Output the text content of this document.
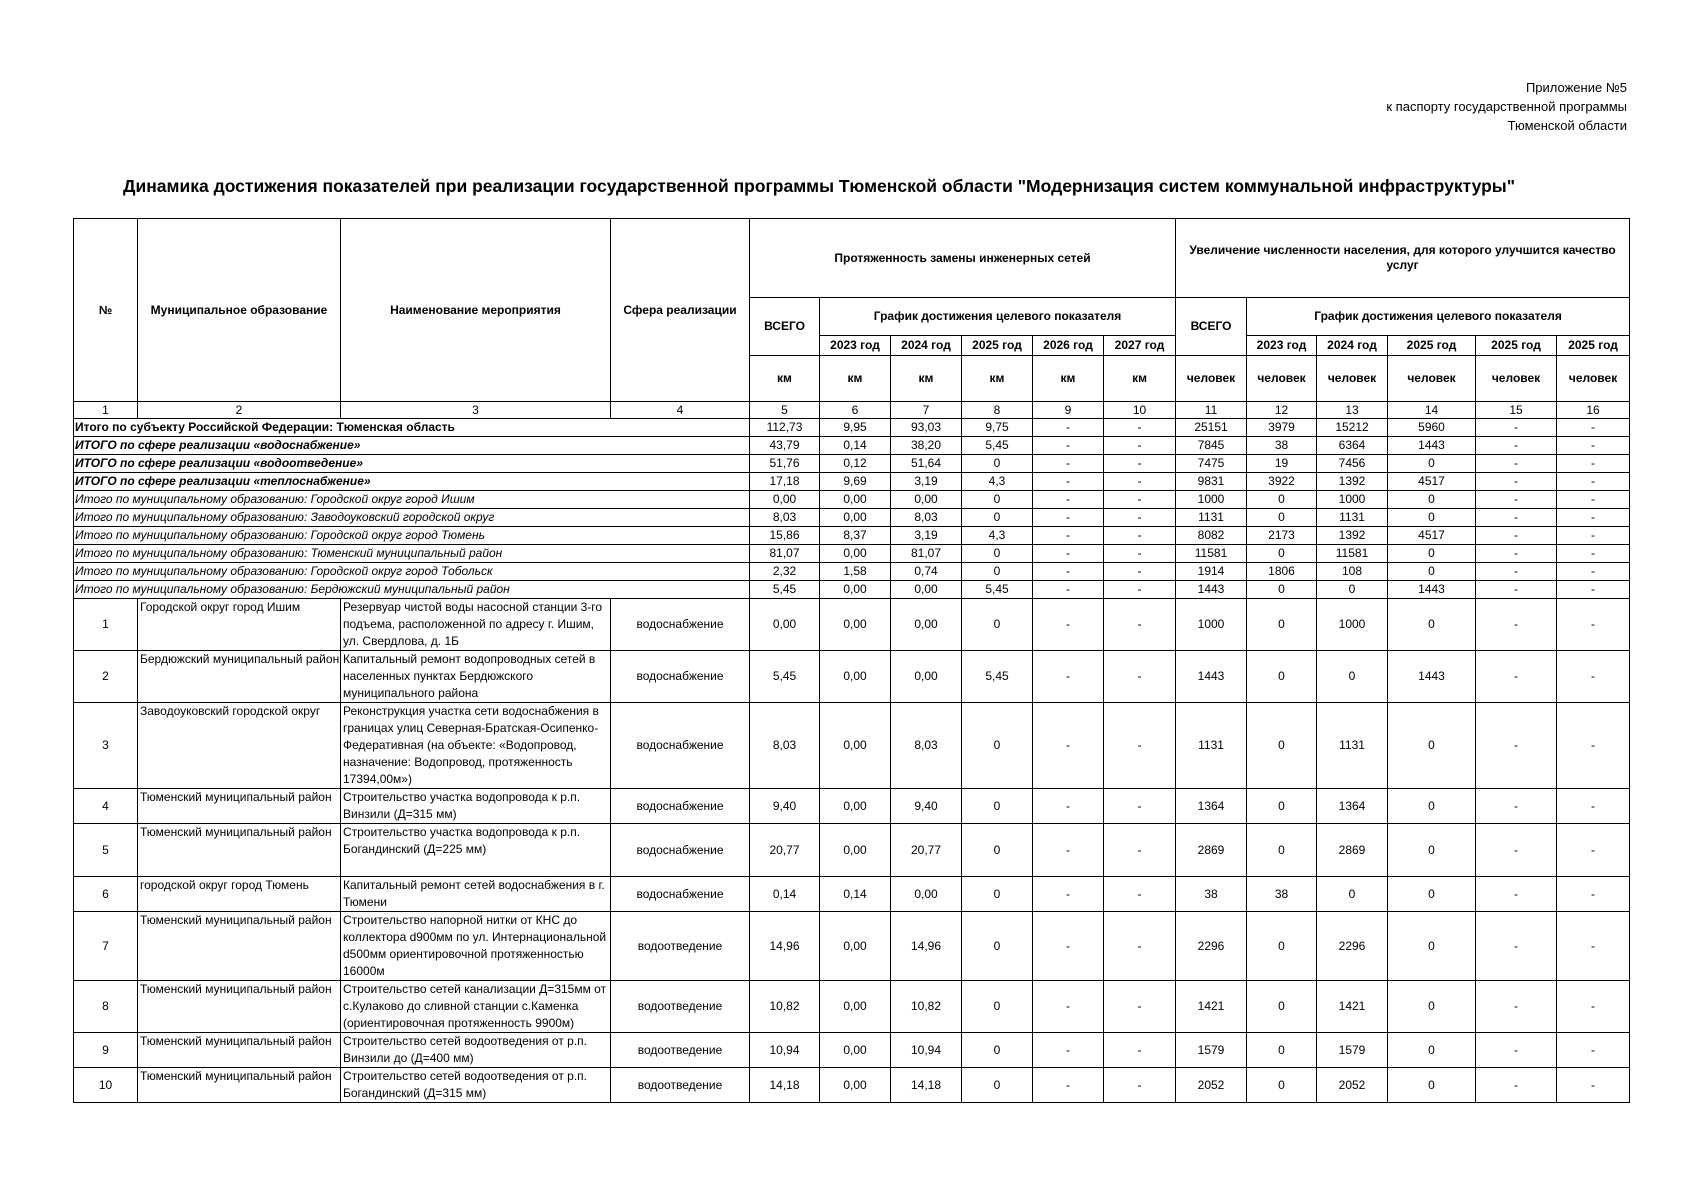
Приложение №5
к паспорту государственной программы
Тюменской области
Динамика достижения показателей при реализации государственной программы Тюменской области "Модернизация систем коммунальной инфраструктуры"
№	Муниципальное образование	Наименование мероприятия	Сфера реализации	Протяженность замены инженерных сетей						Увеличение численности населения, для которого улучшится качество услуг					
				ВСЕГО	График достижения целевого показателя					ВСЕГО	График достижения целевого показателя				
					2023 год	2024 год	2025 год	2026 год	2027 год		2023 год	2024 год	2025 год	2025 год	2025 год
				км	км	км	км	км	км	человек	человек	человек	человек	человек	человек
1	2	3	4	5	6	7	8	9	10	11	12	13	14	15	16
Итого по субъекту Российской Федерации: Тюменская область				112,73	9,95	93,03	9,75	-	-	25151	3979	15212	5960	-	-
ИТОГО по сфере реализации «водоснабжение»				43,79	0,14	38,20	5,45	-	-	7845	38	6364	1443	-	-
ИТОГО по сфере реализации «водоотведение»				51,76	0,12	51,64	0	-	-	7475	19	7456	0	-	-
ИТОГО по сфере реализации «теплоснабжение»				17,18	9,69	3,19	4,3	-	-	9831	3922	1392	4517	-	-
Итого по муниципальному образованию: Городской округ город Ишим				0,00	0,00	0,00	0	-	-	1000	0	1000	0	-	-
Итого по муниципальному образованию: Заводоуковский городской округ				8,03	0,00	8,03	0	-	-	1131	0	1131	0	-	-
Итого по муниципальному образованию: Городской округ город Тюмень				15,86	8,37	3,19	4,3	-	-	8082	2173	1392	4517	-	-
Итого по муниципальному образованию: Тюменский муниципальный район				81,07	0,00	81,07	0	-	-	11581	0	11581	0	-	-
Итого по муниципальному образованию: Городской округ город Тобольск				2,32	1,58	0,74	0	-	-	1914	1806	108	0	-	-
Итого по муниципальному образованию: Бердюжский муниципальный район				5,45	0,00	0,00	5,45	-	-	1443	0	0	1443	-	-
1	Городской округ город Ишим	Резервуар чистой воды насосной станции 3-го подъема, расположенной по адресу г. Ишим, ул. Свердлова, д. 1Б	водоснабжение	0,00	0,00	0,00	0	-	-	1000	0	1000	0	-	-
2	Бердюжский муниципальный район	Капитальный ремонт водопроводных сетей в населенных пунктах Бердюжского муниципального района	водоснабжение	5,45	0,00	0,00	5,45	-	-	1443	0	0	1443	-	-
3	Заводоуковский городской округ	Реконструкция участка сети водоснабжения в границах улиц Северная-Братская-Осипенко-Федеративная (на объекте: «Водопровод, назначение: Водопровод, протяженность 17394,00м»)	водоснабжение	8,03	0,00	8,03	0	-	-	1131	0	1131	0	-	-
4	Тюменский муниципальный район	Строительство участка водопровода к р.п. Винзили (Д=315 мм)	водоснабжение	9,40	0,00	9,40	0	-	-	1364	0	1364	0	-	-
5	Тюменский муниципальный район	Строительство участка водопровода к р.п. Богандинский (Д=225 мм)	водоснабжение	20,77	0,00	20,77	0	-	-	2869	0	2869	0	-	-
6	городской округ город Тюмень	Капитальный ремонт сетей водоснабжения в г. Тюмени	водоснабжение	0,14	0,14	0,00	0	-	-	38	38	0	0	-	-
7	Тюменский муниципальный район	Строительство напорной нитки от КНС до коллектора d900мм по ул. Интернациональной d500мм ориентировочной протяженностью 16000м	водоотведение	14,96	0,00	14,96	0	-	-	2296	0	2296	0	-	-
8	Тюменский муниципальный район	Строительство сетей канализации Д=315мм от с.Кулаково до сливной станции с.Каменка (ориентировочная протяженность 9900м)	водоотведение	10,82	0,00	10,82	0	-	-	1421	0	1421	0	-	-
9	Тюменский муниципальный район	Строительство сетей водоотведения от р.п. Винзили до (Д=400 мм)	водоотведение	10,94	0,00	10,94	0	-	-	1579	0	1579	0	-	-
10	Тюменский муниципальный район	Строительство сетей водоотведения от р.п. Богандинский (Д=315 мм)	водоотведение	14,18	0,00	14,18	0	-	-	2052	0	2052	0	-	-
